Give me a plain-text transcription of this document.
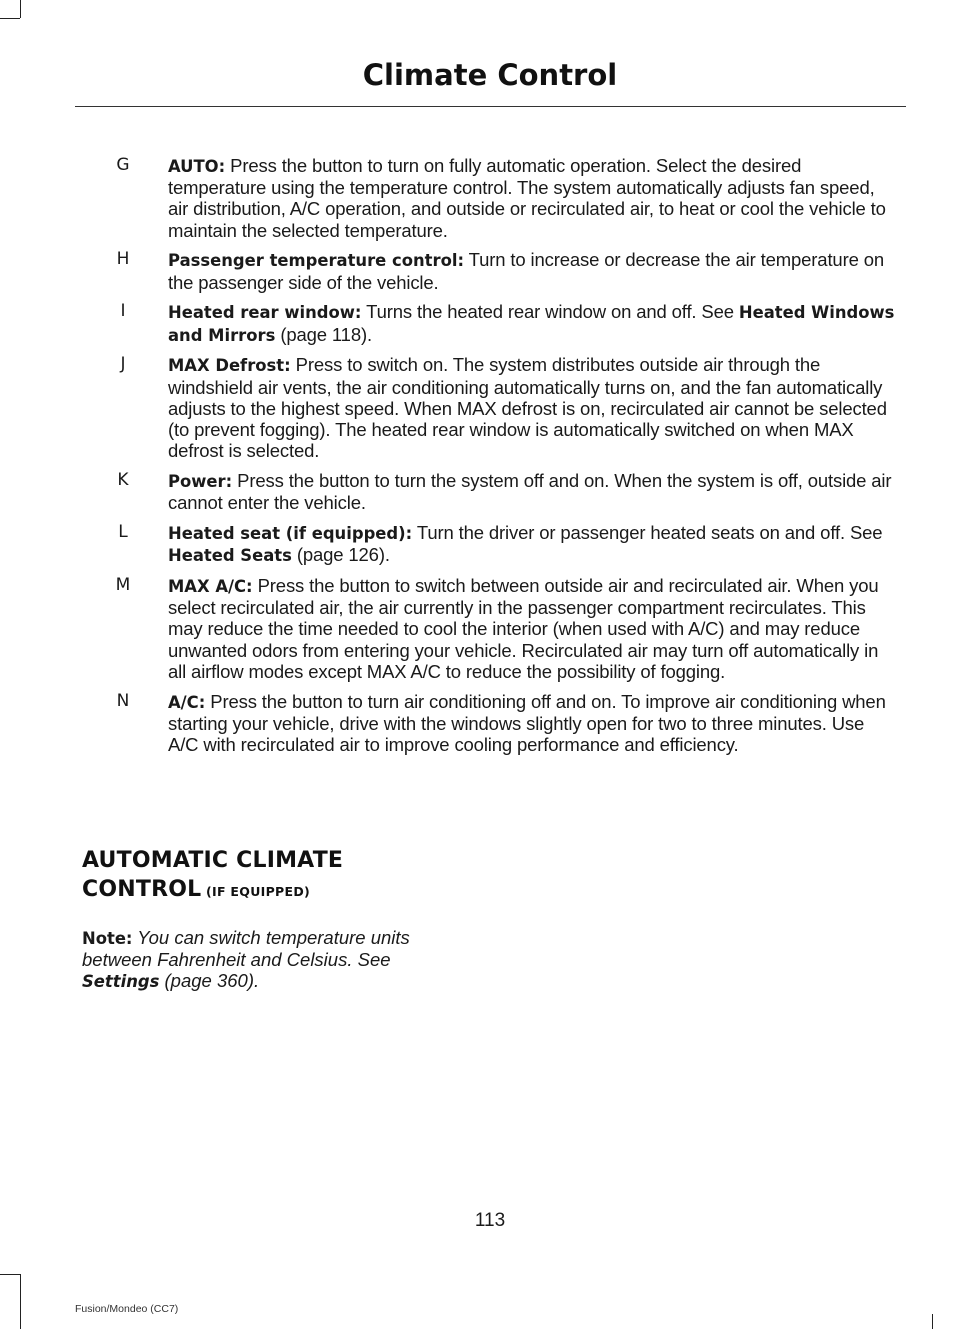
Climate Control
G AUTO: Press the button to turn on fully automatic operation. Select the desired temperature using the temperature control. The system automatically adjusts fan speed, air distribution, A/C operation, and outside or recirculated air, to heat or cool the vehicle to maintain the selected temperature.
H Passenger temperature control: Turn to increase or decrease the air temperature on the passenger side of the vehicle.
I	Heated rear window: Turns the heated rear window on and off. See Heated Windows and Mirrors (page 118).
J	MAX Defrost: Press to switch on. The system distributes outside air through the windshield air vents, the air conditioning automatically turns on, and the fan automatically adjusts to the highest speed. When MAX defrost is on, recirculated air cannot be selected (to prevent fogging). The heated rear window is automatically switched on when MAX defrost is selected.
K Power: Press the button to turn the system off and on. When the system is off, outside air cannot enter the vehicle.
L	Heated seat (if equipped): Turn the driver or passenger heated seats on and off. See Heated Seats (page 126).
M MAX A/C: Press the button to switch between outside air and recirculated air. When you select recirculated air, the air currently in the passenger compartment recirculates. This may reduce the time needed to cool the interior (when used with A/C) and may reduce unwanted odors from entering your vehicle. Recirculated air may turn off automatically in all airflow modes except MAX A/C to reduce the possibility of fogging.
N A/C: Press the button to turn air conditioning off and on. To improve air conditioning when starting your vehicle, drive with the windows slightly open for two to three minutes. Use A/C with recirculated air to improve cooling performance and efficiency.
AUTOMATIC CLIMATE
CONTROL (IF EQUIPPED)
Note: You can switch temperature units between Fahrenheit and Celsius. See Settings (page 360).
113
Fusion/Mondeo (CC7)
